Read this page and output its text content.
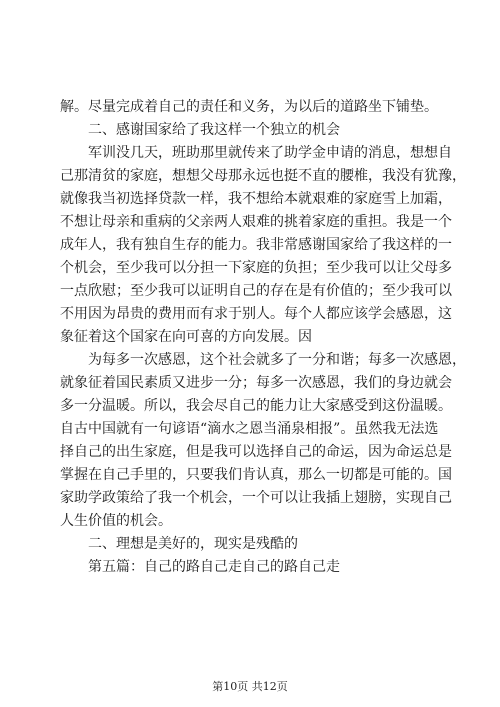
解。尽量完成着自己的责任和义务，为以后的道路坐下铺垫。
　　二、感谢国家给了我这样一个独立的机会
　　军训没几天，班助那里就传来了助学金申请的消息，想想自
己那清贫的家庭，想想父母那永远也挺不直的腰椎，我没有犹豫，
就像我当初选择贷款一样，我不想给本就艰难的家庭雪上加霜，
不想让母亲和重病的父亲两人艰难的挑着家庭的重担。我是一个
成年人，我有独自生存的能力。我非常感谢国家给了我这样的一
个机会，至少我可以分担一下家庭的负担；至少我可以让父母多
一点欣慰；至少我可以证明自己的存在是有价值的；至少我可以
不用因为昂贵的费用而有求于别人。每个人都应该学会感恩，这
象征着这个国家在向可喜的方向发展。因
　　为每多一次感恩，这个社会就多了一分和谐；每多一次感恩，
就象征着国民素质又进步一分；每多一次感恩，我们的身边就会
多一分温暖。所以，我会尽自己的能力让大家感受到这份温暖。
自古中国就有一句谚语“滴水之恩当涌泉相报”。虽然我无法选
择自己的出生家庭，但是我可以选择自己的命运，因为命运总是
掌握在自己手里的，只要我们肯认真，那么一切都是可能的。国
家助学政策给了我一个机会，一个可以让我插上翅膀，实现自己
人生价值的机会。
　　二、理想是美好的，现实是残酷的
　　第五篇：自己的路自己走自己的路自己走
第10页 共12页
